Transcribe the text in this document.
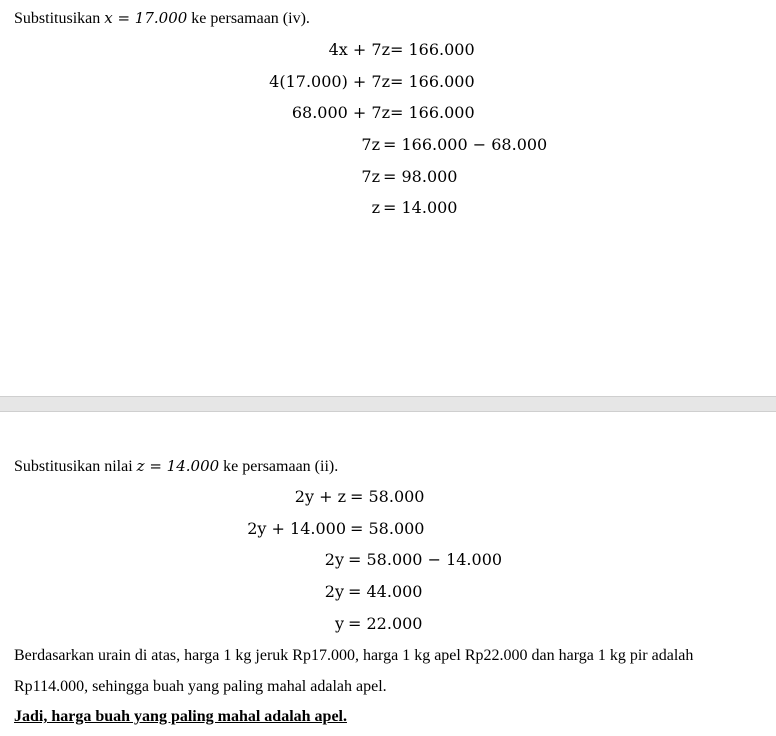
Substitusikan x = 17.000 ke persamaan (iv).
4x + 7z = 166.000
4(17.000) + 7z = 166.000
68.000 + 7z = 166.000
7z = 166.000 − 68.000
7z = 98.000
z = 14.000
Substitusikan nilai z = 14.000 ke persamaan (ii).
2y + z = 58.000
2y + 14.000 = 58.000
2y = 58.000 − 14.000
2y = 44.000
y = 22.000
Berdasarkan urain di atas, harga 1 kg jeruk Rp17.000, harga 1 kg apel Rp22.000 dan harga 1 kg pir adalah Rp114.000, sehingga buah yang paling mahal adalah apel.
Jadi, harga buah yang paling mahal adalah apel.
